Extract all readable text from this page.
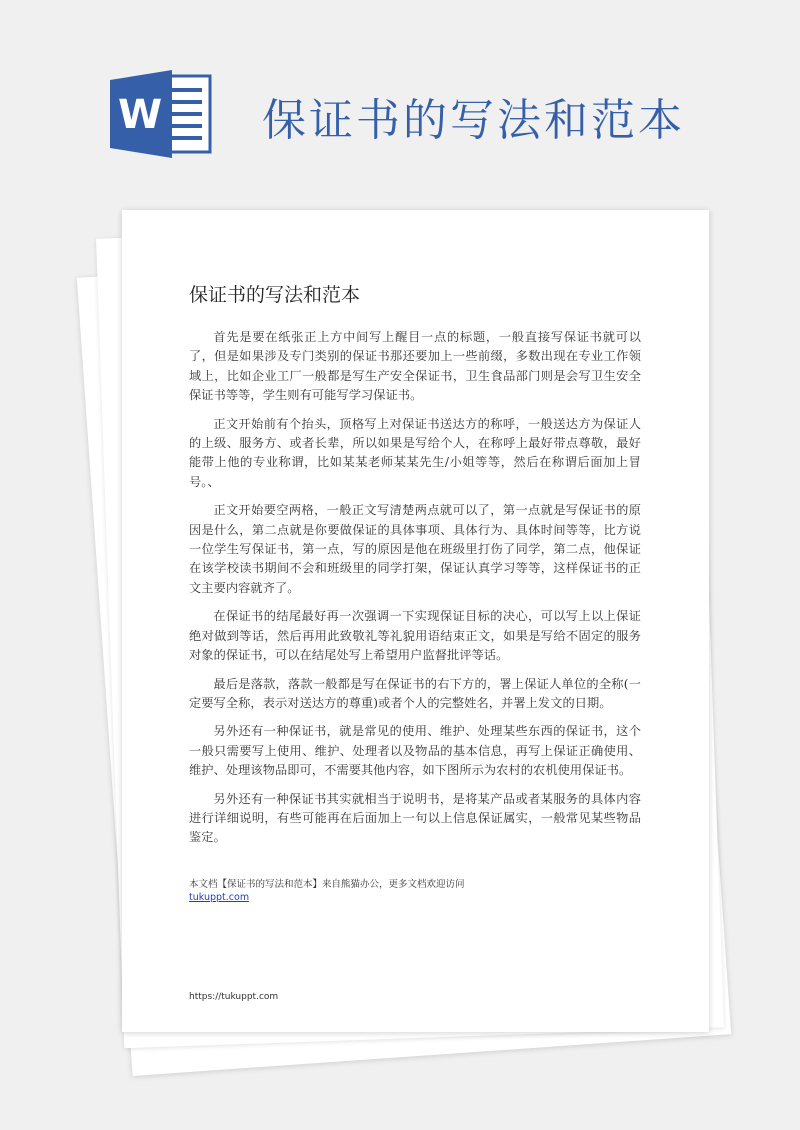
W 保证书的写法和范本
保证书的写法和范本

首先是要在纸张正上方中间写上醒目一点的标题，一般直接写保证书就可以了，但是如果涉及专门类别的保证书那还要加上一些前缀，多数出现在专业工作领域上，比如企业工厂一般都是写生产安全保证书，卫生食品部门则是会写卫生安全保证书等等，学生则有可能写学习保证书。

正文开始前有个抬头，顶格写上对保证书送达方的称呼，一般送达方为保证人的上级、服务方、或者长辈，所以如果是写给个人，在称呼上最好带点尊敬，最好能带上他的专业称谓，比如某某老师某某先生/小姐等等，然后在称谓后面加上冒号。、

正文开始要空两格，一般正文写清楚两点就可以了，第一点就是写保证书的原因是什么，第二点就是你要做保证的具体事项、具体行为、具体时间等等，比方说一位学生写保证书，第一点，写的原因是他在班级里打伤了同学，第二点，他保证在该学校读书期间不会和班级里的同学打架，保证认真学习等等，这样保证书的正文主要内容就齐了。

在保证书的结尾最好再一次强调一下实现保证目标的决心，可以写上以上保证绝对做到等话，然后再用此致敬礼等礼貌用语结束正文，如果是写给不固定的服务对象的保证书，可以在结尾处写上希望用户监督批评等话。

最后是落款，落款一般都是写在保证书的右下方的，署上保证人单位的全称(一定要写全称，表示对送达方的尊重)或者个人的完整姓名，并署上发文的日期。

另外还有一种保证书，就是常见的使用、维护、处理某些东西的保证书，这个一般只需要写上使用、维护、处理者以及物品的基本信息，再写上保证正确使用、维护、处理该物品即可，不需要其他内容，如下图所示为农村的农机使用保证书。

另外还有一种保证书其实就相当于说明书，是将某产品或者某服务的具体内容进行详细说明，有些可能再在后面加上一句以上信息保证属实，一般常见某些物品鉴定。

本文档【保证书的写法和范本】来自熊猫办公，更多文档欢迎访问
tukuppt.com
https://tukuppt.com
